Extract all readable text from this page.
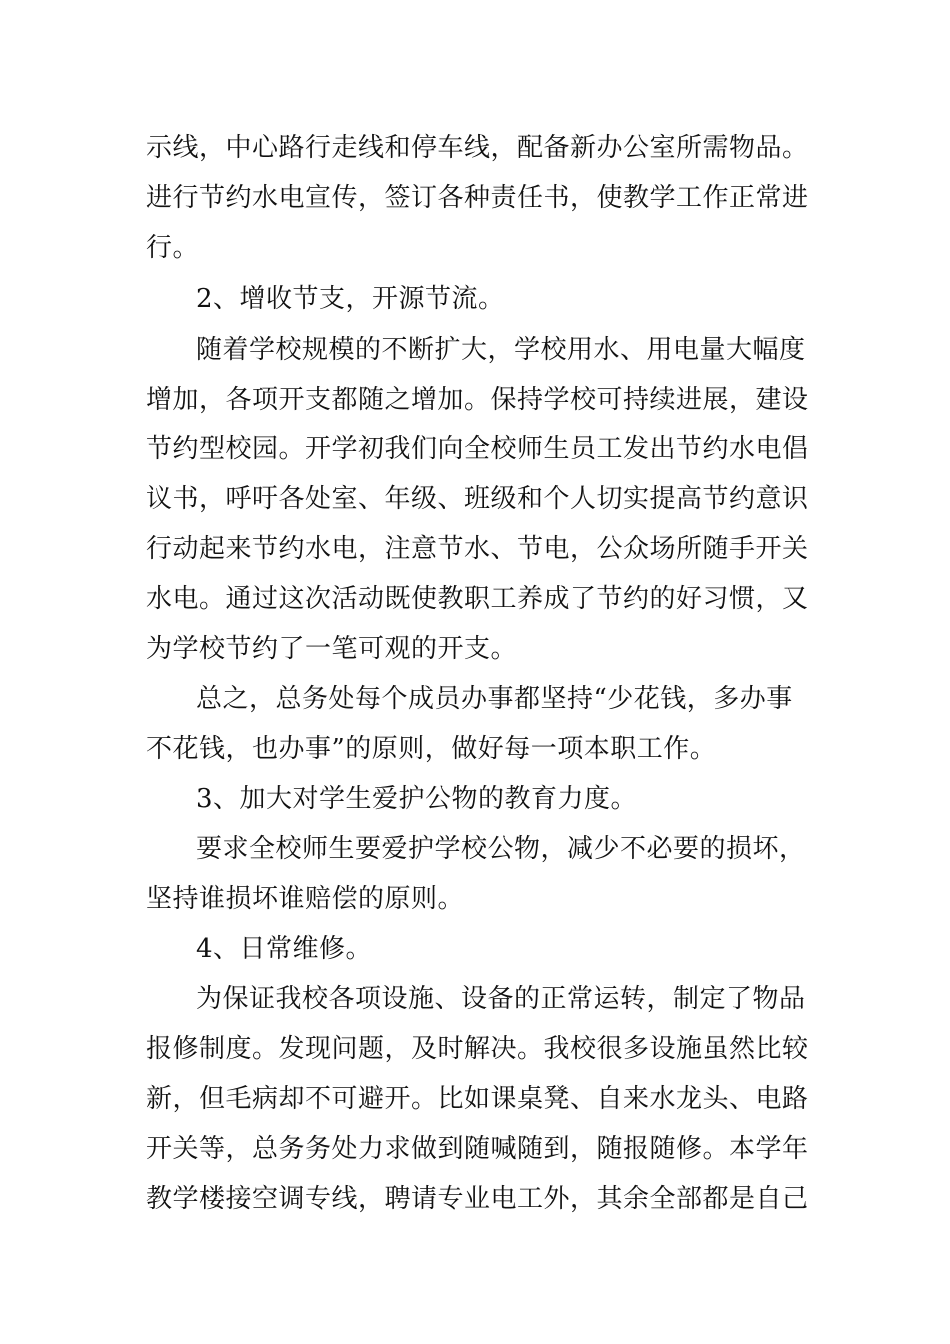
示线，中心路行走线和停车线，配备新办公室所需物品。
进行节约水电宣传，签订各种责任书，使教学工作正常进
行。
2、增收节支，开源节流。
随着学校规模的不断扩大，学校用水、用电量大幅度
增加，各项开支都随之增加。保持学校可持续进展，建设
节约型校园。开学初我们向全校师生员工发出节约水电倡
议书，呼吁各处室、年级、班级和个人切实提高节约意识
行动起来节约水电，注意节水、节电，公众场所随手开关
水电。通过这次活动既使教职工养成了节约的好习惯，又
为学校节约了一笔可观的开支。
总之，总务处每个成员办事都坚持“少花钱，多办事
不花钱，也办事”的原则，做好每一项本职工作。
3、加大对学生爱护公物的教育力度。
要求全校师生要爱护学校公物，减少不必要的损坏，
坚持谁损坏谁赔偿的原则。
4、日常维修。
为保证我校各项设施、设备的正常运转，制定了物品
报修制度。发现问题，及时解决。我校很多设施虽然比较
新，但毛病却不可避开。比如课桌凳、自来水龙头、电路
开关等，总务务处力求做到随喊随到，随报随修。本学年
教学楼接空调专线，聘请专业电工外，其余全部都是自己
